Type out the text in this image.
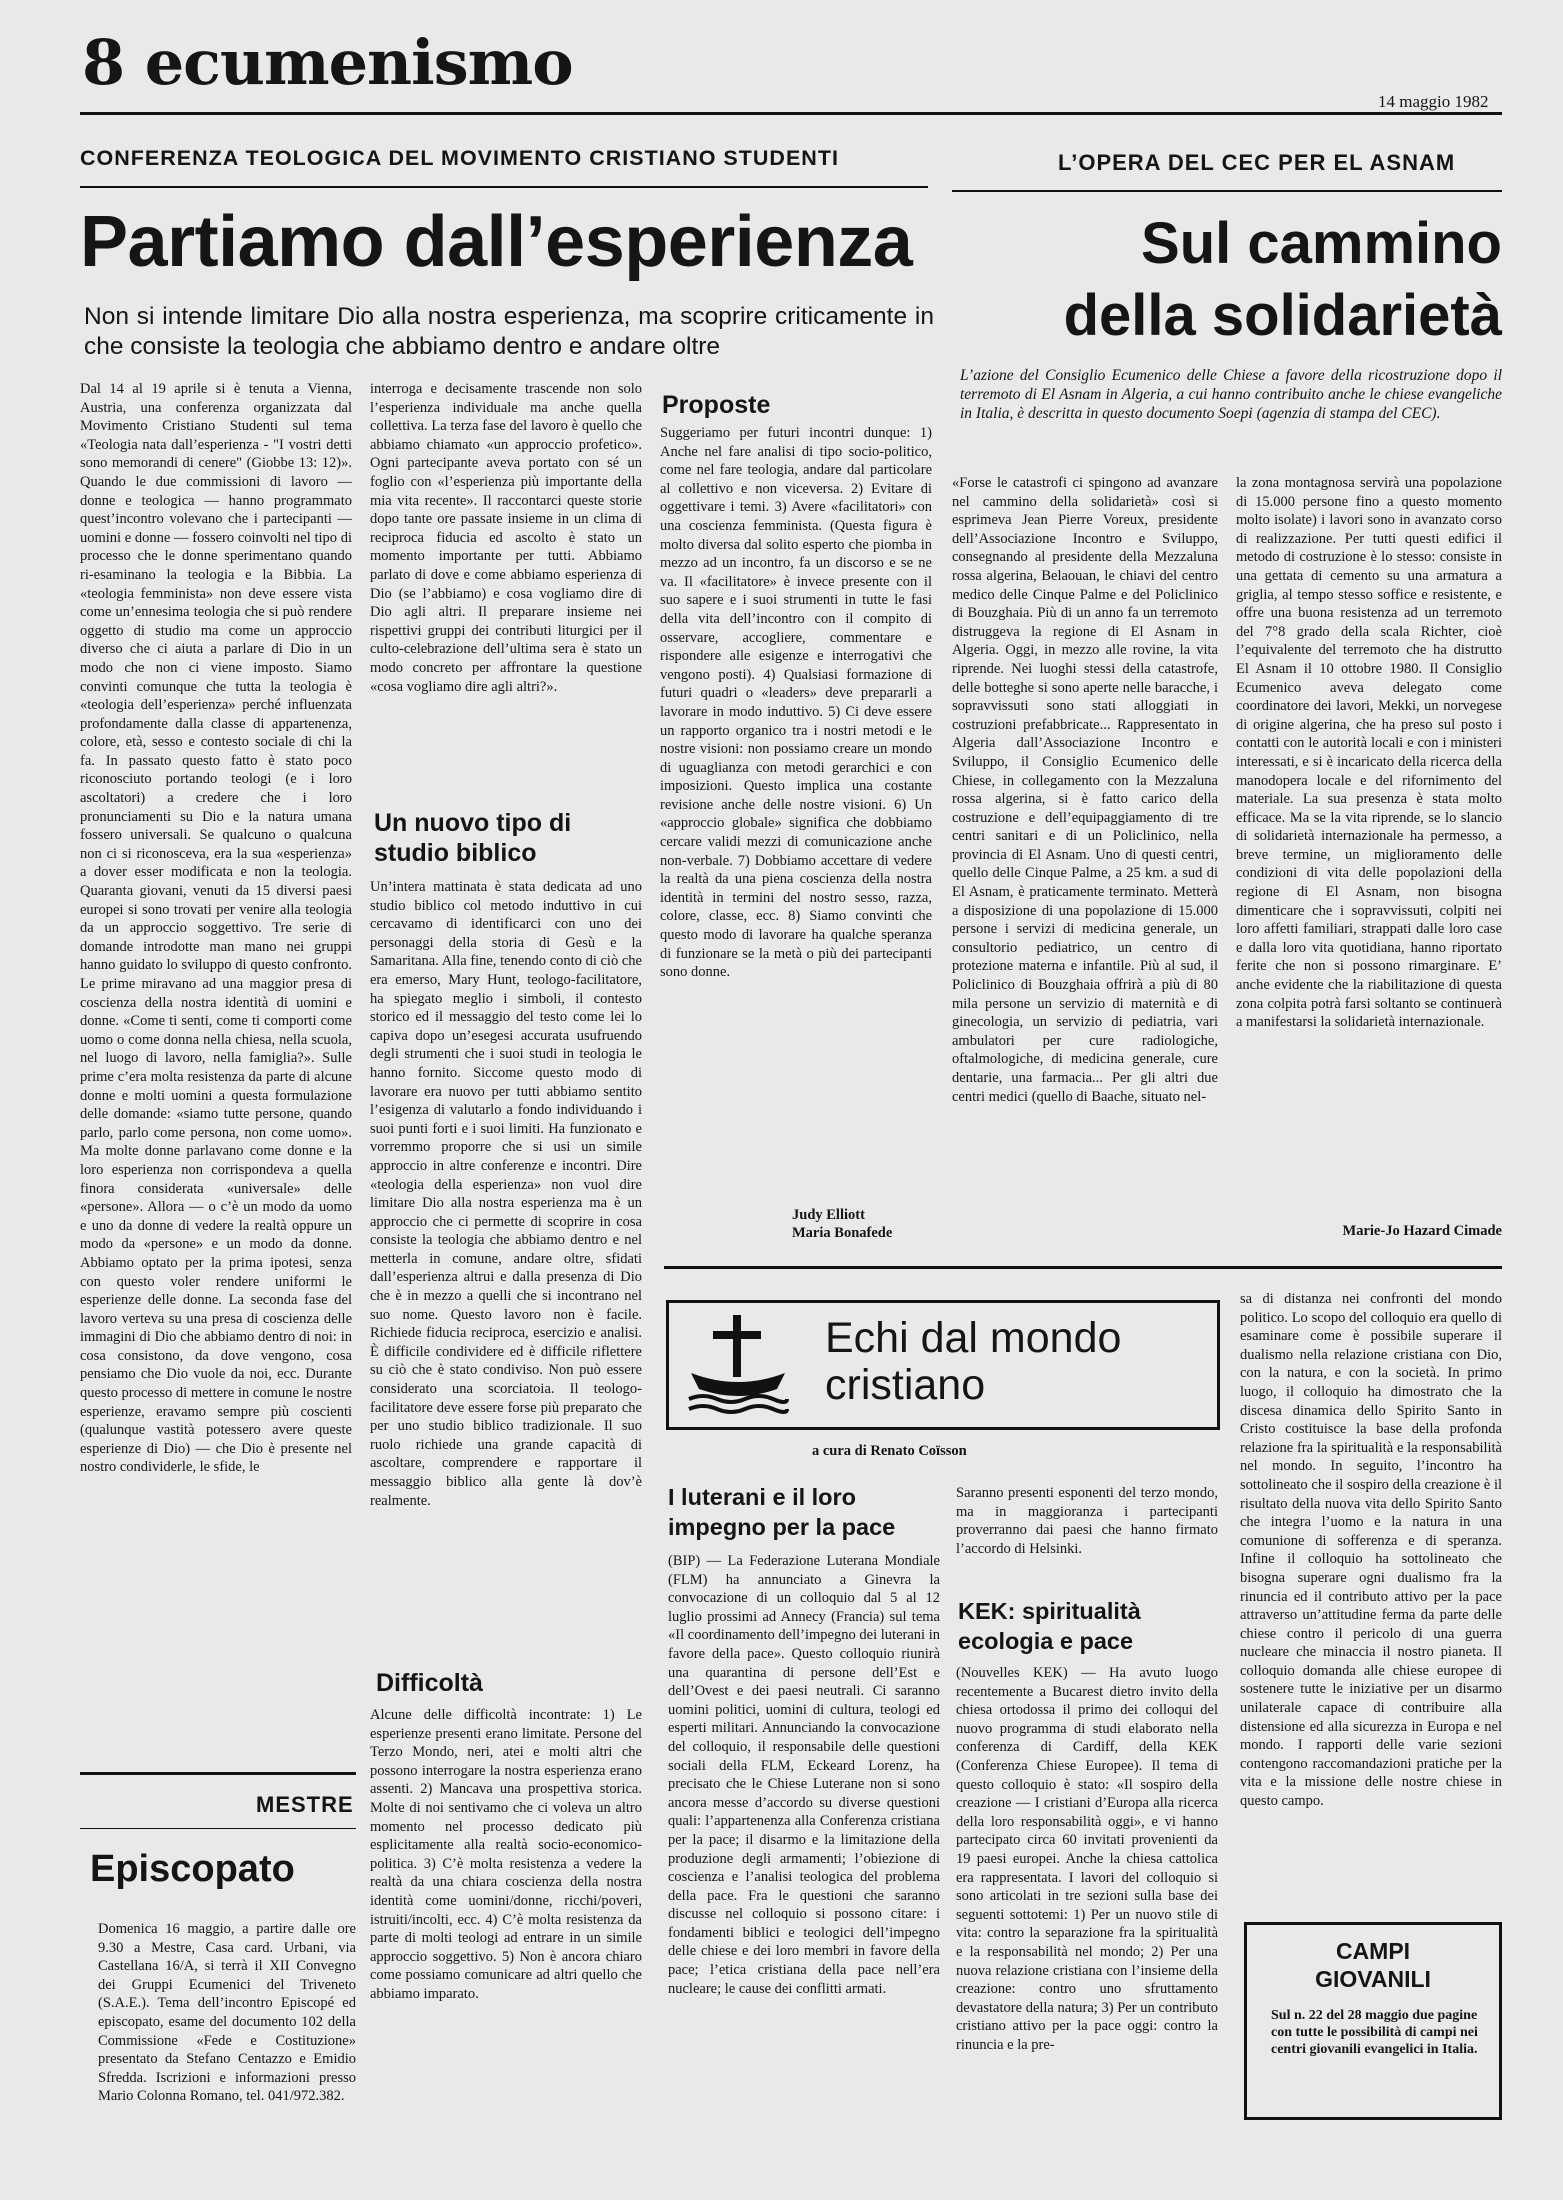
8 ecumenismo
14 maggio 1982
CONFERENZA TEOLOGICA DEL MOVIMENTO CRISTIANO STUDENTI
Partiamo dall’esperienza
Non si intende limitare Dio alla nostra esperienza, ma scoprire criticamente in che consiste la teologia che abbiamo dentro e andare oltre
Dal 14 al 19 aprile si è tenuta a Vienna, Austria, una conferenza organizzata dal Movimento Cristiano Studenti sul tema «Teologia nata dall’esperienza - "I vostri detti sono memorandi di cenere" (Giobbe 13: 12)». Quando le due commissioni di lavoro — donne e teologica — hanno programmato quest’incontro volevano che i partecipanti — uomini e donne — fossero coinvolti nel tipo di processo che le donne sperimentano quando ri-esaminano la teologia e la Bibbia. La «teologia femminista» non deve essere vista come un’ennesima teologia che si può rendere oggetto di studio ma come un approccio diverso che ci aiuta a parlare di Dio in un modo che non ci viene imposto. Siamo convinti comunque che tutta la teologia è «teologia dell’esperienza» perché influenzata profondamente dalla classe di appartenenza, colore, età, sesso e contesto sociale di chi la fa. In passato questo fatto è stato poco riconosciuto portando teologi (e i loro ascoltatori) a credere che i loro pronunciamenti su Dio e la natura umana fossero universali. Se qualcuno o qualcuna non ci si riconosceva, era la sua «esperienza» a dover esser modificata e non la teologia. Quaranta giovani, venuti da 15 diversi paesi europei si sono trovati per venire alla teologia da un approccio soggettivo. Tre serie di domande introdotte man mano nei gruppi hanno guidato lo sviluppo di questo confronto. Le prime miravano ad una maggior presa di coscienza della nostra identità di uomini e donne. «Come ti senti, come ti comporti come uomo o come donna nella chiesa, nella scuola, nel luogo di lavoro, nella famiglia?». Sulle prime c’era molta resistenza da parte di alcune donne e molti uomini a questa formulazione delle domande: «siamo tutte persone, quando parlo, parlo come persona, non come uomo». Ma molte donne parlavano come donne e la loro esperienza non corrispondeva a quella finora considerata «universale» delle «persone». Allora — o c’è un modo da uomo e uno da donne di vedere la realtà oppure un modo da «persone» e un modo da donne. Abbiamo optato per la prima ipotesi, senza con questo voler rendere uniformi le esperienze delle donne. La seconda fase del lavoro verteva su una presa di coscienza delle immagini di Dio che abbiamo dentro di noi: in cosa consistono, da dove vengono, cosa pensiamo che Dio vuole da noi, ecc. Durante questo processo di mettere in comune le nostre esperienze, eravamo sempre più coscienti (qualunque vastità potessero avere queste esperienze di Dio) — che Dio è presente nel nostro condividerle, le sfide, le
interroga e decisamente trascende non solo l’esperienza individuale ma anche quella collettiva. La terza fase del lavoro è quello che abbiamo chiamato «un approccio profetico». Ogni partecipante aveva portato con sé un foglio con «l’esperienza più importante della mia vita recente». Il raccontarci queste storie dopo tante ore passate insieme in un clima di reciproca fiducia ed ascolto è stato un momento importante per tutti. Abbiamo parlato di dove e come abbiamo esperienza di Dio (se l’abbiamo) e cosa vogliamo dire di Dio agli altri. Il preparare insieme nei rispettivi gruppi dei contributi liturgici per il culto-celebrazione dell’ultima sera è stato un modo concreto per affrontare la questione «cosa vogliamo dire agli altri?».
Un nuovo tipo di studio biblico
Un’intera mattinata è stata dedicata ad uno studio biblico col metodo induttivo in cui cercavamo di identificarci con uno dei personaggi della storia di Gesù e la Samaritana. Alla fine, tenendo conto di ciò che era emerso, Mary Hunt, teologo-facilitatore, ha spiegato meglio i simboli, il contesto storico ed il messaggio del testo come lei lo capiva dopo un’esegesi accurata usufruendo degli strumenti che i suoi studi in teologia le hanno fornito. Siccome questo modo di lavorare era nuovo per tutti abbiamo sentito l’esigenza di valutarlo a fondo individuando i suoi punti forti e i suoi limiti. Ha funzionato e vorremmo proporre che si usi un simile approccio in altre conferenze e incontri. Dire «teologia della esperienza» non vuol dire limitare Dio alla nostra esperienza ma è un approccio che ci permette di scoprire in cosa consiste la teologia che abbiamo dentro e nel metterla in comune, andare oltre, sfidati dall’esperienza altrui e dalla presenza di Dio che è in mezzo a quelli che si incontrano nel suo nome. Questo lavoro non è facile. Richiede fiducia reciproca, esercizio e analisi. È difficile condividere ed è difficile riflettere su ciò che è stato condiviso. Non può essere considerato una scorciatoia. Il teologo-facilitatore deve essere forse più preparato che per uno studio biblico tradizionale. Il suo ruolo richiede una grande capacità di ascoltare, comprendere e rapportare il messaggio biblico alla gente là dov’è realmente.
Difficoltà
Alcune delle difficoltà incontrate: 1) Le esperienze presenti erano limitate. Persone del Terzo Mondo, neri, atei e molti altri che possono interrogare la nostra esperienza erano assenti. 2) Mancava una prospettiva storica. Molte di noi sentivamo che ci voleva un altro momento nel processo dedicato più esplicitamente alla realtà socio-economico-politica. 3) C’è molta resistenza a vedere la realtà da una chiara coscienza della nostra identità come uomini/donne, ricchi/poveri, istruiti/incolti, ecc. 4) C’è molta resistenza da parte di molti teologi ad entrare in un simile approccio soggettivo. 5) Non è ancora chiaro come possiamo comunicare ad altri quello che abbiamo imparato.
Proposte
Suggeriamo per futuri incontri dunque: 1) Anche nel fare analisi di tipo socio-politico, come nel fare teologia, andare dal particolare al collettivo e non viceversa. 2) Evitare di oggettivare i temi. 3) Avere «facilitatori» con una coscienza femminista. (Questa figura è molto diversa dal solito esperto che piomba in mezzo ad un incontro, fa un discorso e se ne va. Il «facilitatore» è invece presente con il suo sapere e i suoi strumenti in tutte le fasi della vita dell’incontro con il compito di osservare, accogliere, commentare e rispondere alle esigenze e interrogativi che vengono posti). 4) Qualsiasi formazione di futuri quadri o «leaders» deve prepararli a lavorare in modo induttivo. 5) Ci deve essere un rapporto organico tra i nostri metodi e le nostre visioni: non possiamo creare un mondo di uguaglianza con metodi gerarchici e con imposizioni. Questo implica una costante revisione anche delle nostre visioni. 6) Un «approccio globale» significa che dobbiamo cercare validi mezzi di comunicazione anche non-verbale. 7) Dobbiamo accettare di vedere la realtà da una piena coscienza della nostra identità in termini del nostro sesso, razza, colore, classe, ecc. 8) Siamo convinti che questo modo di lavorare ha qualche speranza di funzionare se la metà o più dei partecipanti sono donne.
Judy Elliott
Maria Bonafede
MESTRE
Episcopato
Domenica 16 maggio, a partire dalle ore 9.30 a Mestre, Casa card. Urbani, via Castellana 16/A, si terrà il XII Convegno dei Gruppi Ecumenici del Triveneto (S.A.E.). Tema dell’incontro Episcopé ed episcopato, esame del documento 102 della Commissione «Fede e Costituzione» presentato da Stefano Centazzo e Emidio Sfredda. Iscrizioni e informazioni presso Mario Colonna Romano, tel. 041/972.382.
L’OPERA DEL CEC PER EL ASNAM
Sul cammino
della solidarietà
L’azione del Consiglio Ecumenico delle Chiese a favore della ricostruzione dopo il terremoto di El Asnam in Algeria, a cui hanno contribuito anche le chiese evangeliche in Italia, è descritta in questo documento Soepi (agenzia di stampa del CEC).
«Forse le catastrofi ci spingono ad avanzare nel cammino della solidarietà» così si esprimeva Jean Pierre Voreux, presidente dell’Associazione Incontro e Sviluppo, consegnando al presidente della Mezzaluna rossa algerina, Belaouan, le chiavi del centro medico delle Cinque Palme e del Policlinico di Bouzghaia. Più di un anno fa un terremoto distruggeva la regione di El Asnam in Algeria. Oggi, in mezzo alle rovine, la vita riprende. Nei luoghi stessi della catastrofe, delle botteghe si sono aperte nelle baracche, i sopravvissuti sono stati alloggiati in costruzioni prefabbricate... Rappresentato in Algeria dall’Associazione Incontro e Sviluppo, il Consiglio Ecumenico delle Chiese, in collegamento con la Mezzaluna rossa algerina, si è fatto carico della costruzione e dell’equipaggiamento di tre centri sanitari e di un Policlinico, nella provincia di El Asnam. Uno di questi centri, quello delle Cinque Palme, a 25 km. a sud di El Asnam, è praticamente terminato. Metterà a disposizione di una popolazione di 15.000 persone i servizi di medicina generale, un consultorio pediatrico, un centro di protezione materna e infantile. Più al sud, il Policlinico di Bouzghaia offrirà a più di 80 mila persone un servizio di maternità e di ginecologia, un servizio di pediatria, vari ambulatori per cure radiologiche, oftalmologiche, di medicina generale, cure dentarie, una farmacia... Per gli altri due centri medici (quello di Baache, situato nel-
la zona montagnosa servirà una popolazione di 15.000 persone fino a questo momento molto isolate) i lavori sono in avanzato corso di realizzazione. Per tutti questi edifici il metodo di costruzione è lo stesso: consiste in una gettata di cemento su una armatura a griglia, al tempo stesso soffice e resistente, e offre una buona resistenza ad un terremoto del 7°8 grado della scala Richter, cioè l’equivalente del terremoto che ha distrutto El Asnam il 10 ottobre 1980. Il Consiglio Ecumenico aveva delegato come coordinatore dei lavori, Mekki, un norvegese di origine algerina, che ha preso sul posto i contatti con le autorità locali e con i ministeri interessati, e si è incaricato della ricerca della manodopera locale e del rifornimento del materiale. La sua presenza è stata molto efficace. Ma se la vita riprende, se lo slancio di solidarietà internazionale ha permesso, a breve termine, un miglioramento delle condizioni di vita delle popolazioni della regione di El Asnam, non bisogna dimenticare che i sopravvissuti, colpiti nei loro affetti familiari, strappati dalle loro case e dalla loro vita quotidiana, hanno riportato ferite che non si possono rimarginare. E’ anche evidente che la riabilitazione di questa zona colpita potrà farsi soltanto se continuerà a manifestarsi la solidarietà internazionale.
Marie-Jo Hazard Cimade
Echi dal mondo
cristiano
a cura di Renato Coïsson
I luterani e il loro impegno per la pace
(BIP) — La Federazione Luterana Mondiale (FLM) ha annunciato a Ginevra la convocazione di un colloquio dal 5 al 12 luglio prossimi ad Annecy (Francia) sul tema «Il coordinamento dell’impegno dei luterani in favore della pace». Questo colloquio riunirà una quarantina di persone dell’Est e dell’Ovest e dei paesi neutrali. Ci saranno uomini politici, uomini di cultura, teologi ed esperti militari. Annunciando la convocazione del colloquio, il responsabile delle questioni sociali della FLM, Eckeard Lorenz, ha precisato che le Chiese Luterane non si sono ancora messe d’accordo su diverse questioni quali: l’appartenenza alla Conferenza cristiana per la pace; il disarmo e la limitazione della produzione degli armamenti; l’obiezione di coscienza e l’analisi teologica del problema della pace. Fra le questioni che saranno discusse nel colloquio si possono citare: i fondamenti biblici e teologici dell’impegno delle chiese e dei loro membri in favore della pace; l’etica cristiana della pace nell’era nucleare; le cause dei conflitti armati.
Saranno presenti esponenti del terzo mondo, ma in maggioranza i partecipanti proverranno dai paesi che hanno firmato l’accordo di Helsinki.
KEK: spiritualità ecologia e pace
(Nouvelles KEK) — Ha avuto luogo recentemente a Bucarest dietro invito della chiesa ortodossa il primo dei colloqui del nuovo programma di studi elaborato nella conferenza di Cardiff, della KEK (Conferenza Chiese Europee). Il tema di questo colloquio è stato: «Il sospiro della creazione — I cristiani d’Europa alla ricerca della loro responsabilità oggi», e vi hanno partecipato circa 60 invitati provenienti da 19 paesi europei. Anche la chiesa cattolica era rappresentata. I lavori del colloquio si sono articolati in tre sezioni sulla base dei seguenti sottotemi: 1) Per un nuovo stile di vita: contro la separazione fra la spiritualità e la responsabilità nel mondo; 2) Per una nuova relazione cristiana con l’insieme della creazione: contro uno sfruttamento devastatore della natura; 3) Per un contributo cristiano attivo per la pace oggi: contro la rinuncia e la pre-
sa di distanza nei confronti del mondo politico. Lo scopo del colloquio era quello di esaminare come è possibile superare il dualismo nella relazione cristiana con Dio, con la natura, e con la società. In primo luogo, il colloquio ha dimostrato che la discesa dinamica dello Spirito Santo in Cristo costituisce la base della profonda relazione fra la spiritualità e la responsabilità nel mondo. In seguito, l’incontro ha sottolineato che il sospiro della creazione è il risultato della nuova vita dello Spirito Santo che integra l’uomo e la natura in una comunione di sofferenza e di speranza. Infine il colloquio ha sottolineato che bisogna superare ogni dualismo fra la rinuncia ed il contributo attivo per la pace attraverso un’attitudine ferma da parte delle chiese contro il pericolo di una guerra nucleare che minaccia il nostro pianeta. Il colloquio domanda alle chiese europee di sostenere tutte le iniziative per un disarmo unilaterale capace di contribuire alla distensione ed alla sicurezza in Europa e nel mondo. I rapporti delle varie sezioni contengono raccomandazioni pratiche per la vita e la missione delle nostre chiese in questo campo.
CAMPI
GIOVANILI
Sul n. 22 del 28 maggio due pagine con tutte le possibilità di campi nei centri giovanili evangelici in Italia.
